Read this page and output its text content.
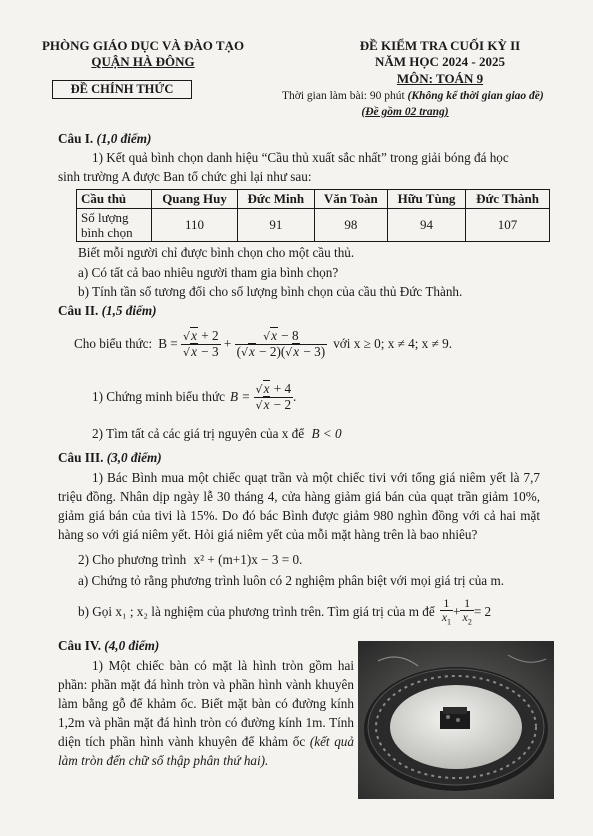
PHÒNG GIÁO DỤC VÀ ĐÀO TẠO
QUẬN HÀ ĐÔNG
ĐỀ CHÍNH THỨC
ĐỀ KIỂM TRA CUỐI KỲ II
NĂM HỌC 2024 - 2025
MÔN: TOÁN 9
Thời gian làm bài: 90 phút (Không kể thời gian giao đề)
(Đề gồm 02 trang)
Câu I. (1,0 điểm)
1) Kết quả bình chọn danh hiệu “Cầu thủ xuất sắc nhất” trong giải bóng đá học
sinh trường A được Ban tổ chức ghi lại như sau:
Cầu thủ	Quang Huy	Đức Minh	Văn Toàn	Hữu Tùng	Đức Thành
Số lượng
bình chọn	110	91	98	94	107
Biết mỗi người chỉ được bình chọn cho một cầu thủ.
a) Có tất cả bao nhiêu người tham gia bình chọn?
b) Tính tần số tương đối cho số lượng bình chọn của cầu thủ Đức Thành.
Câu II. (1,5 điểm)
Cho biểu thức: $B = \frac{√x + 2}{√x - 3} + \frac{√x - 8}{(√x - 2)(√x - 3)}$ với x ≥ 0; x ≠ 4; x ≠ 9.
1) Chứng minh biểu thức $B = \frac{√x + 4}{√x - 2}$ .
2) Tìm tất cả các giá trị nguyên của x để B < 0
Câu III. (3,0 điểm)
1) Bác Bình mua một chiếc quạt trần và một chiếc tivi với tổng giá niêm yết là 7,7 triệu đồng. Nhân dịp ngày lễ 30 tháng 4, cửa hàng giảm giá bán của quạt trần giảm 10%, giảm giá bán của tivi là 15%. Do đó bác Bình được giảm 980 nghìn đồng với cả hai mặt hàng so với giá niêm yết. Hỏi giá niêm yết của mỗi mặt hàng trên là bao nhiêu?
2) Cho phương trình x² + (m+1)x − 3 = 0.
a) Chứng tỏ rằng phương trình luôn có 2 nghiệm phân biệt với mọi giá trị của m.
b) Gọi x₁ ; x₂ là nghiệm của phương trình trên. Tìm giá trị của m để $\frac{1}{x_1} + \frac{1}{x_2} = 2$
Câu IV. (4,0 điểm)
1) Một chiếc bàn có mặt là hình tròn gồm hai phần: phần mặt đá hình tròn và phần hình vành khuyên làm bằng gỗ để khảm ốc. Biết mặt bàn có đường kính 1,2m và phần mặt đá hình tròn có đường kính 1m. Tính diện tích phần hình vành khuyên để khảm ốc (kết quả làm tròn đến chữ số thập phân thứ hai).
